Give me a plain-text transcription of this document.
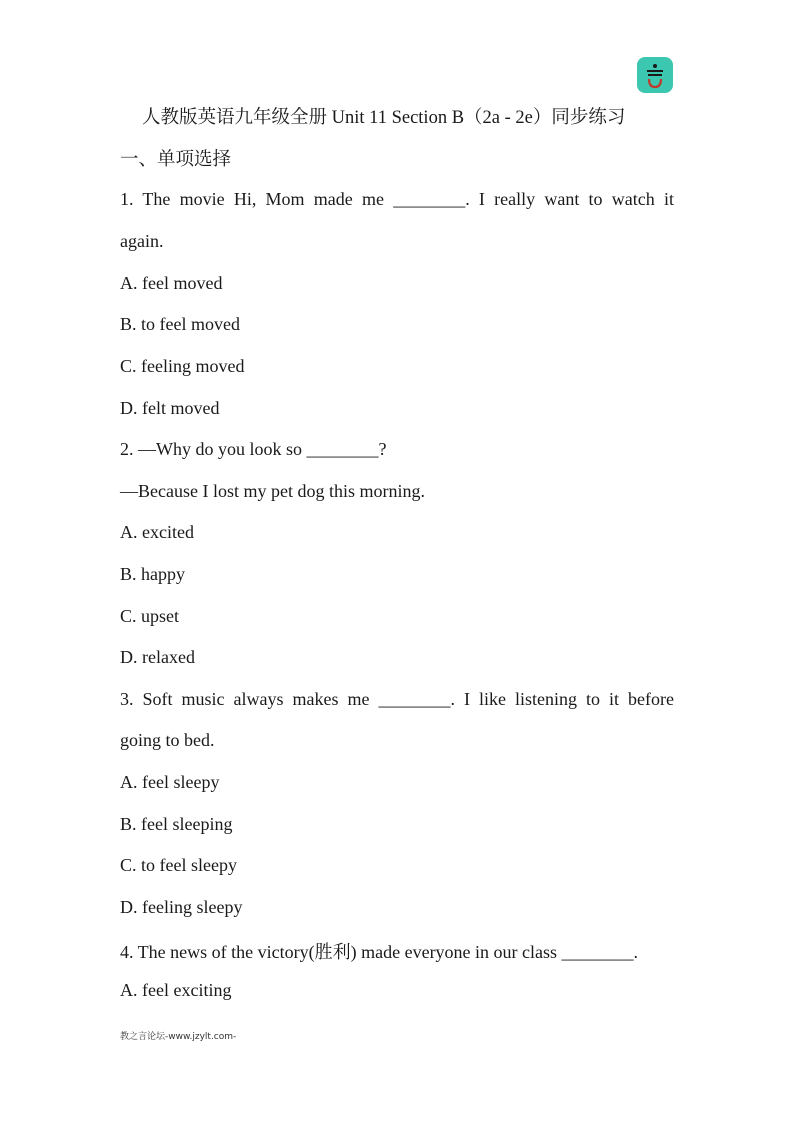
人教版英语九年级全册 Unit 11 Section B（2a - 2e）同步练习
一、单项选择
1. The movie Hi, Mom made me ________. I really want to watch it
again.
A. feel moved
B. to feel moved
C. feeling moved
D. felt moved
2. —Why do you look so ________?
—Because I lost my pet dog this morning.
A. excited
B. happy
C. upset
D. relaxed
3. Soft music always makes me ________. I like listening to it before
going to bed.
A. feel sleepy
B. feel sleeping
C. to feel sleepy
D. feeling sleepy
4. The news of the victory(胜利) made everyone in our class ________.
A. feel exciting
教之言论坛-www.jzylt.com-
